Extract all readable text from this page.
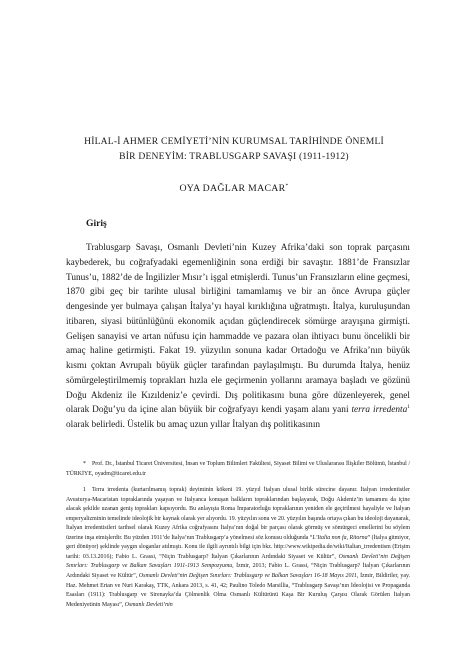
HİLAL-İ AHMER CEMİYETİ’NİN KURUMSAL TARİHİNDE ÖNEMLİ
BİR DENEYİM: TRABLUSGARP SAVAŞI (1911-1912)
OYA DAĞLAR MACAR*
Giriş

Trablusgarp Savaşı, Osmanlı Devleti’nin Kuzey Afrika’daki son toprak parçasını kaybederek, bu coğrafyadaki egemenliğinin sona erdiği bir savaştır. 1881’de Fransızlar Tunus’u, 1882’de de İngilizler Mısır’ı işgal etmişlerdi. Tunus’un Fransızların eline geçmesi, 1870 gibi geç bir tarihte ulusal birliğini tamamlamış ve bir an önce Avrupa güçler dengesinde yer bulmaya çalışan İtalya’yı hayal kırıklığına uğratmıştı. İtalya, kuruluşundan itibaren, siyasi bütünlüğünü ekonomik açıdan güçlendirecek sömürge arayışına girmişti. Gelişen sanayisi ve artan nüfusu için hammadde ve pazara olan ihtiyacı bunu öncelikli bir amaç haline getirmişti. Fakat 19. yüzyılın sonuna kadar Ortadoğu ve Afrika’nın büyük kısmı çoktan Avrupalı büyük güçler tarafından paylaşılmıştı. Bu durumda İtalya, henüz sömürgeleştirilmemiş toprakları hızla ele geçirmenin yollarını aramaya başladı ve gözünü Doğu Akdeniz ile Kızıldeniz’e çevirdi. Dış politikasını buna göre düzenleyerek, genel olarak Doğu’yu da içine alan büyük bir coğrafyayı kendi yaşam alanı yani terra irredenta$^1$ olarak belirledi. Üstelik bu amaç uzun yıllar İtalyan dış politikasının

* Prof. Dr., İstanbul Ticaret Üniversitesi, İnsan ve Toplum Bilimleri Fakültesi, Siyaset Bilimi ve Uluslararası İlişkiler Bölümü, İstanbul / TÜRKİYE, oyadm@ticaret.edu.tr

1 Terra irredenta (kurtarılmamış toprak) deyiminin kökeni 19. yüzyıl İtalyan ulusal birlik sürecine dayanır. İtalyan irredentistler Avusturya-Macaristan topraklarında yaşayan ve İtalyanca konuşan halkların topraklarından başlayarak, Doğu Akdeniz’in tamamını da içine alacak şekilde uzanan geniş toprakları kapsıyordu. Bu anlayışta Roma İmparatorluğu topraklarının yeniden ele geçirilmesi hayaliyle ve İtalyan emperyalizminin temelinde ideolojik bir kaynak olarak yer alıyordu. 19. yüzyılın sonu ve 20. yüzyılın başında ortaya çıkan bu ideoloji dayanarak, İtalyan irredentistleri tarihsel olarak Kuzey Afrika coğrafyasını İtalya’nın doğal bir parçası olarak görmüş ve sömürgeci emellerini bu söylem üzerine inşa etmişlerdir. Bu yüzden 1911’de İtalya’nın Trablusgarp’a yönelmesi söz konusu olduğunda “L’Italia non fa, Ritorna” (İtalya gitmiyor, geri dönüyor) şeklinde yaygın sloganlar atılmıştı. Konu ile ilgili ayrıntılı bilgi için bkz. http://www.wikipedia.de/wiki/Italian_irredentism (Erişim tarihi: 03.13.2016); Fabio L. Grassi, “Niçin Trablusgarp? İtalyan Çıkarlarının Ardındaki Siyaset ve Kültür”, Osmanlı Devleti’nin Değişen Sınırları: Trablusgarp ve Balkan Savaşları 1911-1913 Sempozyumu, İzmir, 2013; Fabio L. Grassi, “Niçin Trablusgarp? İtalyan Çıkarlarının Ardındaki Siyaset ve Kültür”, Osmanlı Devleti’nin Değişen Sınırları: Trablusgarp ve Balkan Savaşları 16-18 Mayıs 2011, İzmir, Bildiriler, yay. Haz. Mehmet Ertan ve Nuri Karakaş, TTK, Ankara 2013, s. 41, 42; Paulino Toledo Marsillia, “Trablusgarp Savaşı’nın İdeolojisi ve Propaganda Esasları (1911): Trablusgarp ve Sirenayka’da Çölmenlik Olma Osmanlı Kültürünü Kaşa Bir Kuruluş Çarşısı Olarak Görülen İtalyan Medeniyetinin Mayası”, Osmanlı Devleti’nin
